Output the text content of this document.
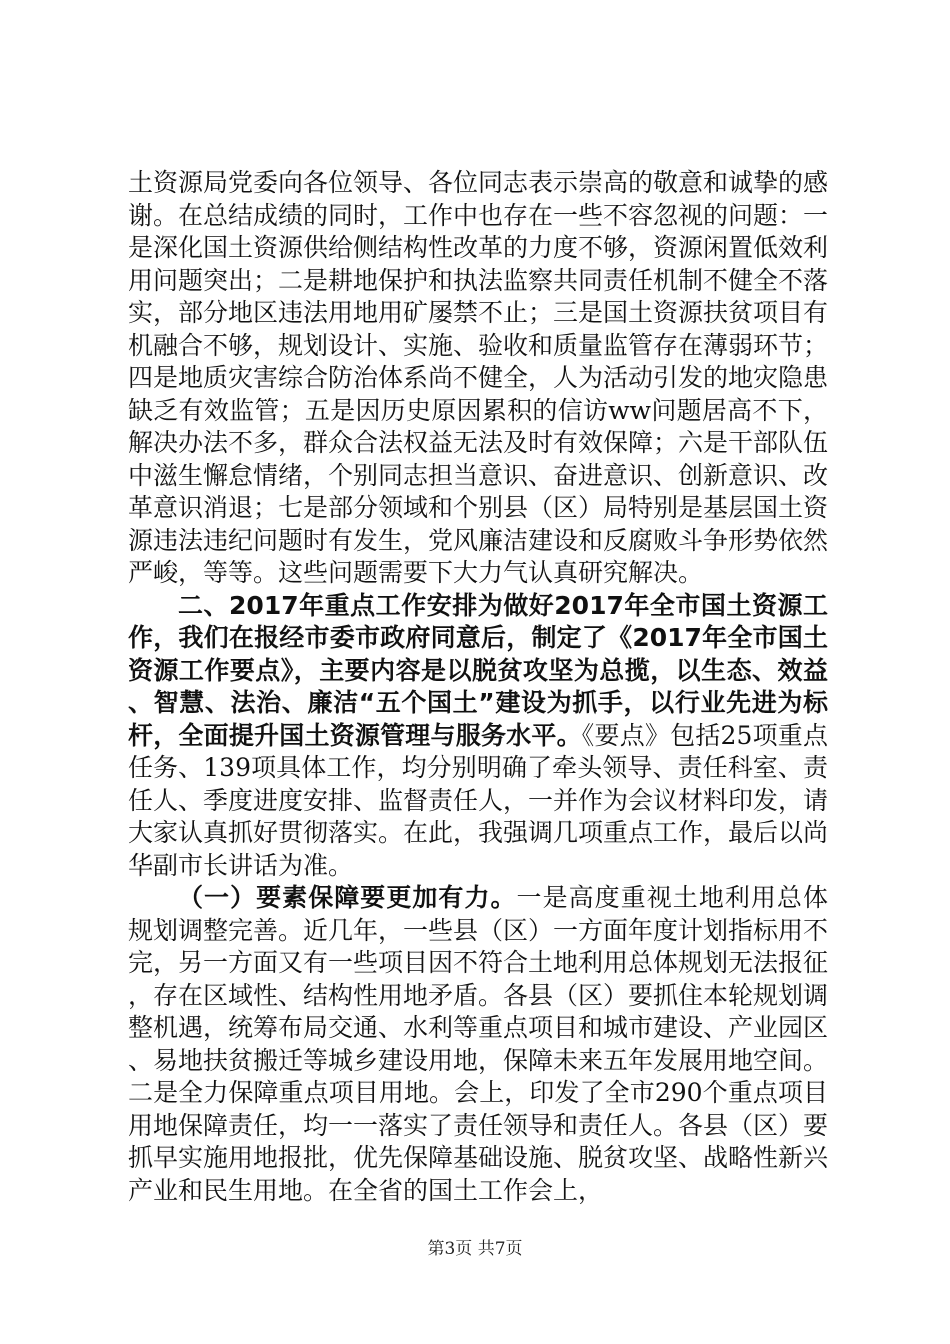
土资源局党委向各位领导、各位同志表示崇高的敬意和诚挚的感谢。在总结成绩的同时，工作中也存在一些不容忽视的问题：一是深化国土资源供给侧结构性改革的力度不够，资源闲置低效利用问题突出；二是耕地保护和执法监察共同责任机制不健全不落实，部分地区违法用地用矿屡禁不止；三是国土资源扶贫项目有机融合不够，规划设计、实施、验收和质量监管存在薄弱环节；四是地质灾害综合防治体系尚不健全，人为活动引发的地灾隐患缺乏有效监管；五是因历史原因累积的信访ww问题居高不下，解决办法不多，群众合法权益无法及时有效保障；六是干部队伍中滋生懈怠情绪，个别同志担当意识、奋进意识、创新意识、改革意识消退；七是部分领域和个别县（区）局特别是基层国土资源违法违纪问题时有发生，党风廉洁建设和反腐败斗争形势依然严峻，等等。这些问题需要下大力气认真研究解决。

二、2017年重点工作安排为做好2017年全市国土资源工作，我们在报经市委市政府同意后，制定了《2017年全市国土资源工作要点》，主要内容是以脱贫攻坚为总揽，以生态、效益、智慧、法治、廉洁“五个国土”建设为抓手，以行业先进为标杆，全面提升国土资源管理与服务水平。《要点》包括25项重点任务、139项具体工作，均分别明确了牵头领导、责任科室、责任人、季度进度安排、监督责任人，一并作为会议材料印发，请大家认真抓好贯彻落实。在此，我强调几项重点工作，最后以尚华副市长讲话为准。

（一）要素保障要更加有力。一是高度重视土地利用总体规划调整完善。近几年，一些县（区）一方面年度计划指标用不完，另一方面又有一些项目因不符合土地利用总体规划无法报征，存在区域性、结构性用地矛盾。各县（区）要抓住本轮规划调整机遇，统筹布局交通、水利等重点项目和城市建设、产业园区、易地扶贫搬迁等城乡建设用地，保障未来五年发展用地空间。二是全力保障重点项目用地。会上，印发了全市290个重点项目用地保障责任，均一一落实了责任领导和责任人。各县（区）要抓早实施用地报批，优先保障基础设施、脱贫攻坚、战略性新兴产业和民生用地。在全省的国土工作会上，

第3页 共7页
